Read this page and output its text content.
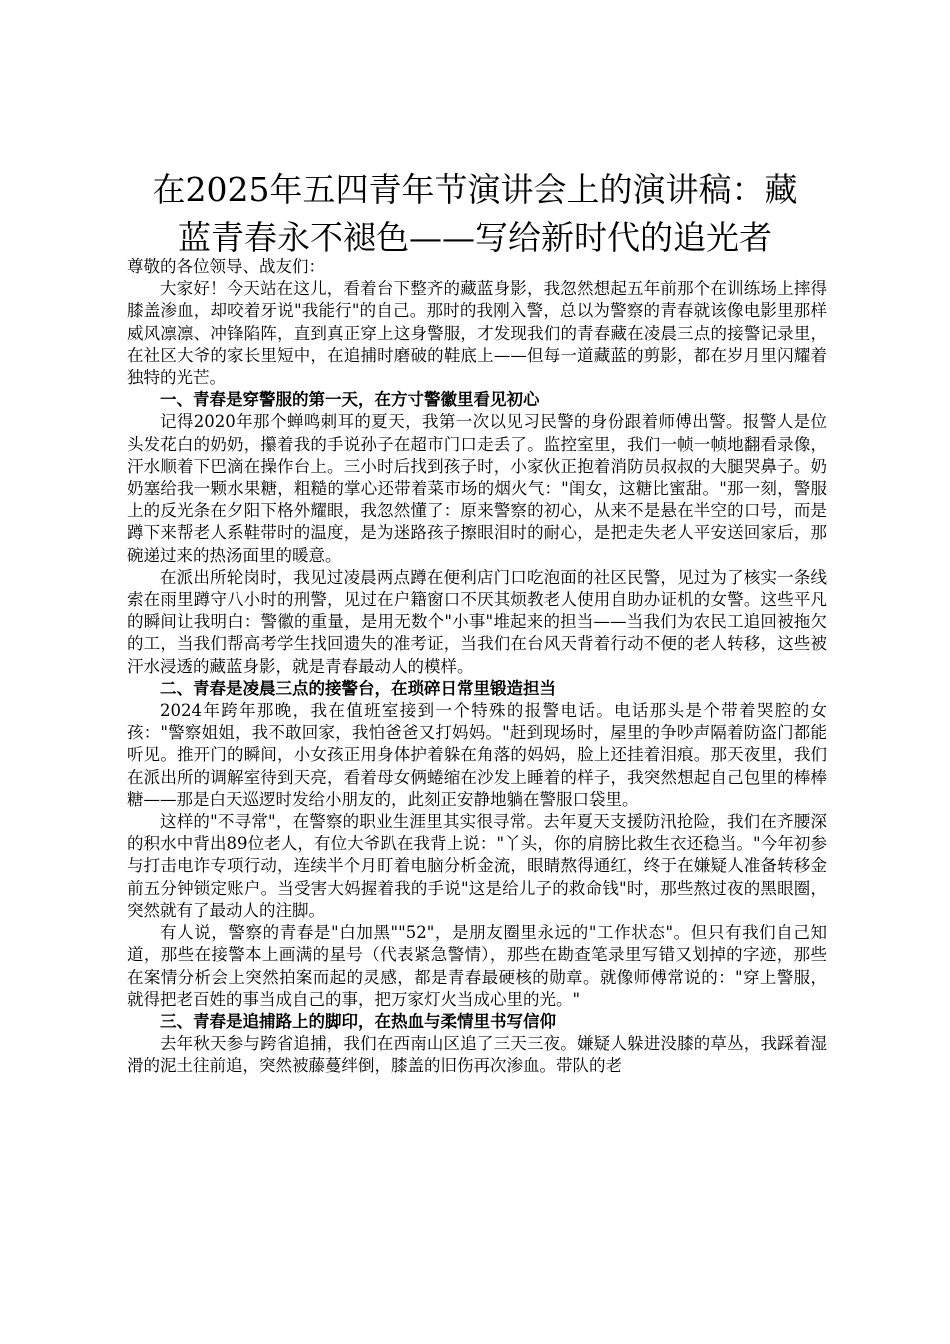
在2025年五四青年节演讲会上的演讲稿：藏
蓝青春永不褪色——写给新时代的追光者

尊敬的各位领导、战友们：

大家好！今天站在这儿，看着台下整齐的藏蓝身影，我忽然想起五年前那个在训练场上摔得膝盖渗血，却咬着牙说"我能行"的自己。那时的我刚入警，总以为警察的青春就该像电影里那样威风凛凛、冲锋陷阵，直到真正穿上这身警服，才发现我们的青春藏在凌晨三点的接警记录里，在社区大爷的家长里短中，在追捕时磨破的鞋底上——但每一道藏蓝的剪影，都在岁月里闪耀着独特的光芒。

一、青春是穿警服的第一天，在方寸警徽里看见初心

记得2020年那个蝉鸣刺耳的夏天，我第一次以见习民警的身份跟着师傅出警。报警人是位头发花白的奶奶，攥着我的手说孙子在超市门口走丢了。监控室里，我们一帧一帧地翻看录像，汗水顺着下巴滴在操作台上。三小时后找到孩子时，小家伙正抱着消防员叔叔的大腿哭鼻子。奶奶塞给我一颗水果糖，粗糙的掌心还带着菜市场的烟火气："闺女，这糖比蜜甜。"那一刻，警服上的反光条在夕阳下格外耀眼，我忽然懂了：原来警察的初心，从来不是悬在半空的口号，而是蹲下来帮老人系鞋带时的温度，是为迷路孩子擦眼泪时的耐心，是把走失老人平安送回家后，那碗递过来的热汤面里的暖意。

在派出所轮岗时，我见过凌晨两点蹲在便利店门口吃泡面的社区民警，见过为了核实一条线索在雨里蹲守八小时的刑警，见过在户籍窗口不厌其烦教老人使用自助办证机的女警。这些平凡的瞬间让我明白：警徽的重量，是用无数个"小事"堆起来的担当——当我们为农民工追回被拖欠的工，当我们帮高考学生找回遗失的准考证，当我们在台风天背着行动不便的老人转移，这些被汗水浸透的藏蓝身影，就是青春最动人的模样。

二、青春是凌晨三点的接警台，在琐碎日常里锻造担当

2024年跨年那晚，我在值班室接到一个特殊的报警电话。电话那头是个带着哭腔的女孩："警察姐姐，我不敢回家，我怕爸爸又打妈妈。"赶到现场时，屋里的争吵声隔着防盗门都能听见。推开门的瞬间，小女孩正用身体护着躲在角落的妈妈，脸上还挂着泪痕。那天夜里，我们在派出所的调解室待到天亮，看着母女俩蜷缩在沙发上睡着的样子，我突然想起自己包里的棒棒糖——那是白天巡逻时发给小朋友的，此刻正安静地躺在警服口袋里。

这样的"不寻常"，在警察的职业生涯里其实很寻常。去年夏天支援防汛抢险，我们在齐腰深的积水中背出89位老人，有位大爷趴在我背上说："丫头，你的肩膀比救生衣还稳当。"今年初参与打击电诈专项行动，连续半个月盯着电脑分析金流，眼睛熬得通红，终于在嫌疑人准备转移金前五分钟锁定账户。当受害大妈握着我的手说"这是给儿子的救命钱"时，那些熬过夜的黑眼圈，突然就有了最动人的注脚。

有人说，警察的青春是"白加黑""52"，是朋友圈里永远的"工作状态"。但只有我们自己知道，那些在接警本上画满的星号（代表紧急警情），那些在勘查笔录里写错又划掉的字迹，那些在案情分析会上突然拍案而起的灵感，都是青春最硬核的勋章。就像师傅常说的："穿上警服，就得把老百姓的事当成自己的事，把万家灯火当成心里的光。"

三、青春是追捕路上的脚印，在热血与柔情里书写信仰

去年秋天参与跨省追捕，我们在西南山区追了三天三夜。嫌疑人躲进没膝的草丛，我踩着湿滑的泥土往前追，突然被藤蔓绊倒，膝盖的旧伤再次渗血。带队的老
